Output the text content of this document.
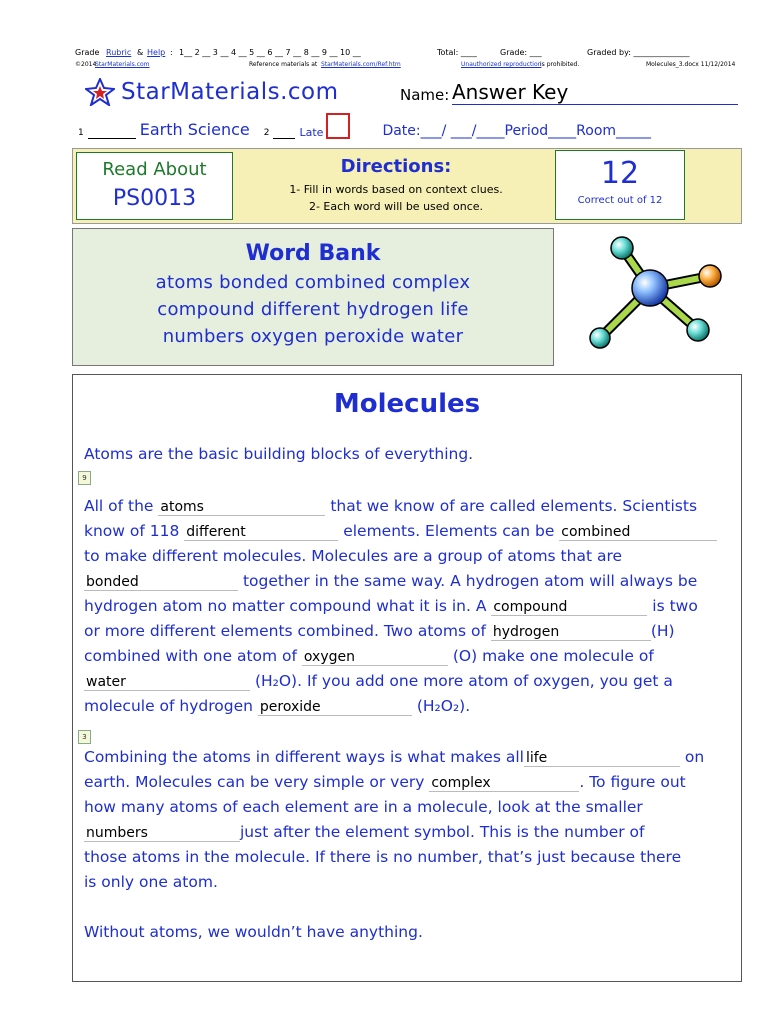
Grade Rubric & Help : 1__ 2 __ 3 __ 4 __ 5 __ 6 __ 7 __ 8 __ 9 __ 10 __	Total: ____	Grade: ___	Graded by: ______________
©2014
StarMaterials.com	Reference materials at StarMaterials.com/Ref.htm	Unauthorized reproduction
is prohibited.	Molecules_3.docx 11/12/2014
StarMaterials.com	Name: Answer Key
1
	Earth Science 2
	Late	Date:___/ ___/____Period____Room_____
Read About
PS0013
Directions:
1- Fill in words based on context clues.
2- Each word will be used once.
12
Correct out of 12
Word Bank
atoms bonded combined complex
compound different hydrogen life
numbers oxygen peroxide water
Molecules
Atoms are the basic building blocks of everything.
9
All of the atoms	that we know of are called elements. Scientists
know of 118 different	elements. Elements can be combined
to make different molecules. Molecules are a group of atoms that are
bonded	together in the same way. A hydrogen atom will always be
hydrogen atom no matter compound what it is in. A compound	is two
or more different elements combined. Two atoms of hydrogen	(H)
combined with one atom of oxygen	(O) make one molecule of
water	(H₂O). If you add one more atom of oxygen, you get a
molecule of hydrogen peroxide	(H₂O₂).
3
Combining the atoms in different ways is what makes all life	on
earth. Molecules can be very simple or very complex	. To figure out
how many atoms of each element are in a molecule, look at the smaller
numbers	just after the element symbol. This is the number of
those atoms in the molecule. If there is no number, that’s just because there
is only one atom.
Without atoms, we wouldn’t have anything.
